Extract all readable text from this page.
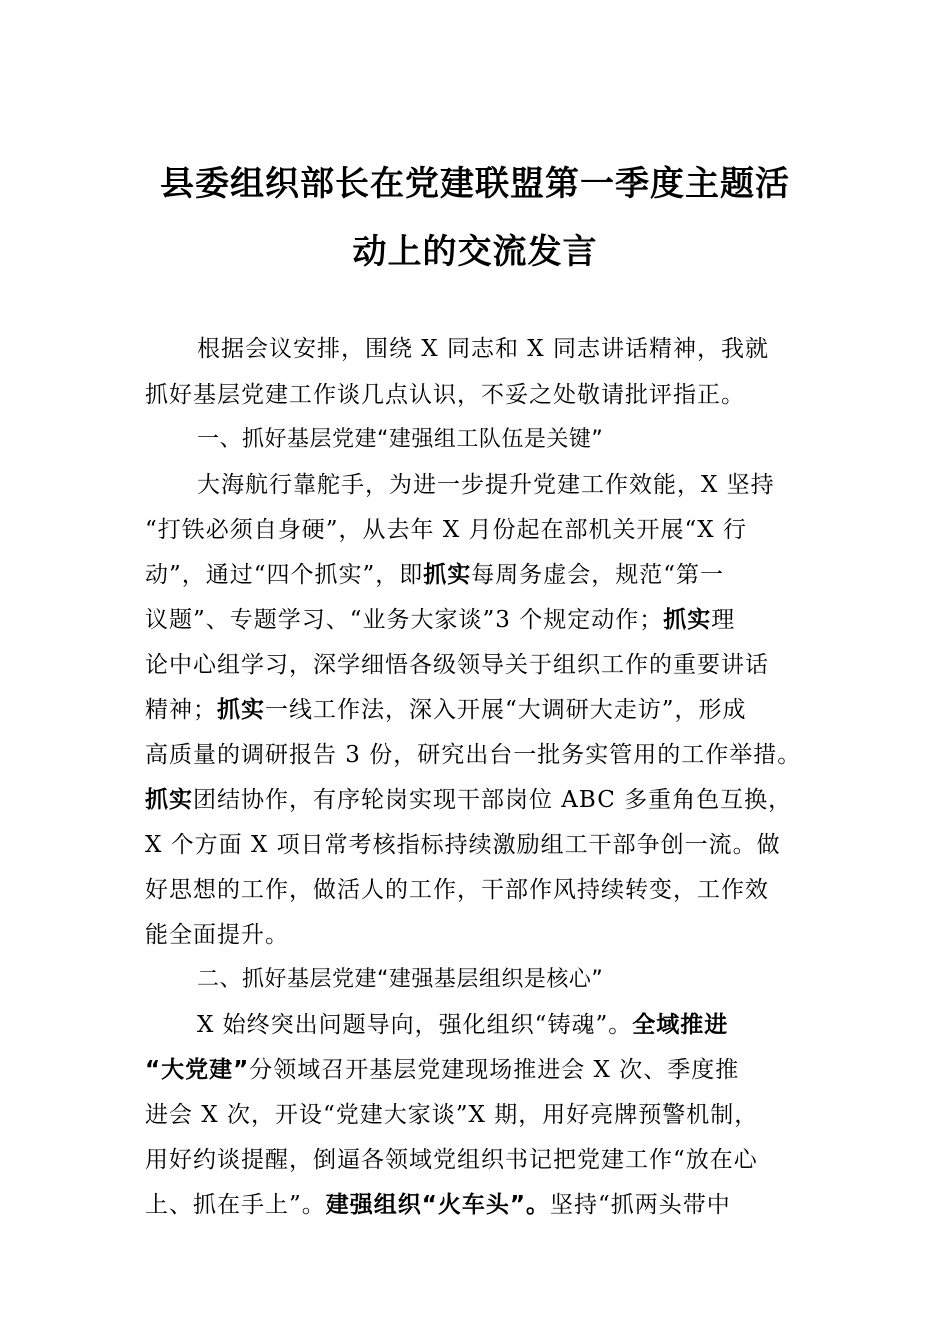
县委组织部长在党建联盟第一季度主题活
动上的交流发言

根据会议安排，围绕 X 同志和 X 同志讲话精神，我就

抓好基层党建工作谈几点认识，不妥之处敬请批评指正。

一、抓好基层党建“建强组工队伍是关键”

大海航行靠舵手，为进一步提升党建工作效能，X 坚持

“打铁必须自身硬”，从去年 X 月份起在部机关开展“X 行

动”，通过“四个抓实”，即抓实每周务虚会，规范“第一

议题”、专题学习、“业务大家谈”3 个规定动作；抓实理

论中心组学习，深学细悟各级领导关于组织工作的重要讲话

精神；抓实一线工作法，深入开展“大调研大走访”，形成

高质量的调研报告 3 份，研究出台一批务实管用的工作举措。

抓实团结协作，有序轮岗实现干部岗位 ABC 多重角色互换，

X 个方面 X 项日常考核指标持续激励组工干部争创一流。做

好思想的工作，做活人的工作，干部作风持续转变，工作效

能全面提升。

二、抓好基层党建“建强基层组织是核心”

X 始终突出问题导向，强化组织“铸魂”。全域推进

“大党建”分领域召开基层党建现场推进会 X 次、季度推

进会 X 次，开设“党建大家谈”X 期，用好亮牌预警机制，

用好约谈提醒，倒逼各领域党组织书记把党建工作“放在心

上、抓在手上”。建强组织“火车头”。坚持“抓两头带中
